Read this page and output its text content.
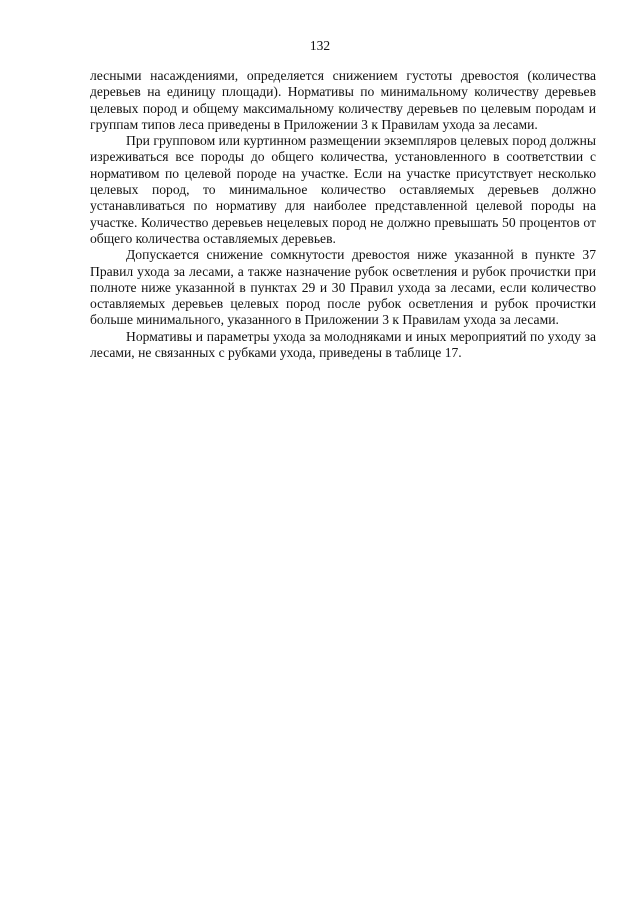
132

лесными насаждениями, определяется снижением густоты древостоя (количества деревьев на единицу площади). Нормативы по минимальному количеству деревьев целевых пород и общему максимальному количеству деревьев по целевым породам и группам типов леса приведены в Приложении 3 к Правилам ухода за лесами.

При групповом или куртинном размещении экземпляров целевых пород должны изреживаться все породы до общего количества, установленного в соответствии с нормативом по целевой породе на участке. Если на участке присутствует несколько целевых пород, то минимальное количество оставляемых деревьев должно устанавливаться по нормативу для наиболее представленной целевой породы на участке. Количество деревьев нецелевых пород не должно превышать 50 процентов от общего количества оставляемых деревьев.

Допускается снижение сомкнутости древостоя ниже указанной в пункте 37 Правил ухода за лесами, а также назначение рубок осветления и рубок прочистки при полноте ниже указанной в пунктах 29 и 30 Правил ухода за лесами, если количество оставляемых деревьев целевых пород после рубок осветления и рубок прочистки больше минимального, указанного в Приложении 3 к Правилам ухода за лесами.

Нормативы и параметры ухода за молодняками и иных мероприятий по уходу за лесами, не связанных с рубками ухода, приведены в таблице 17.
